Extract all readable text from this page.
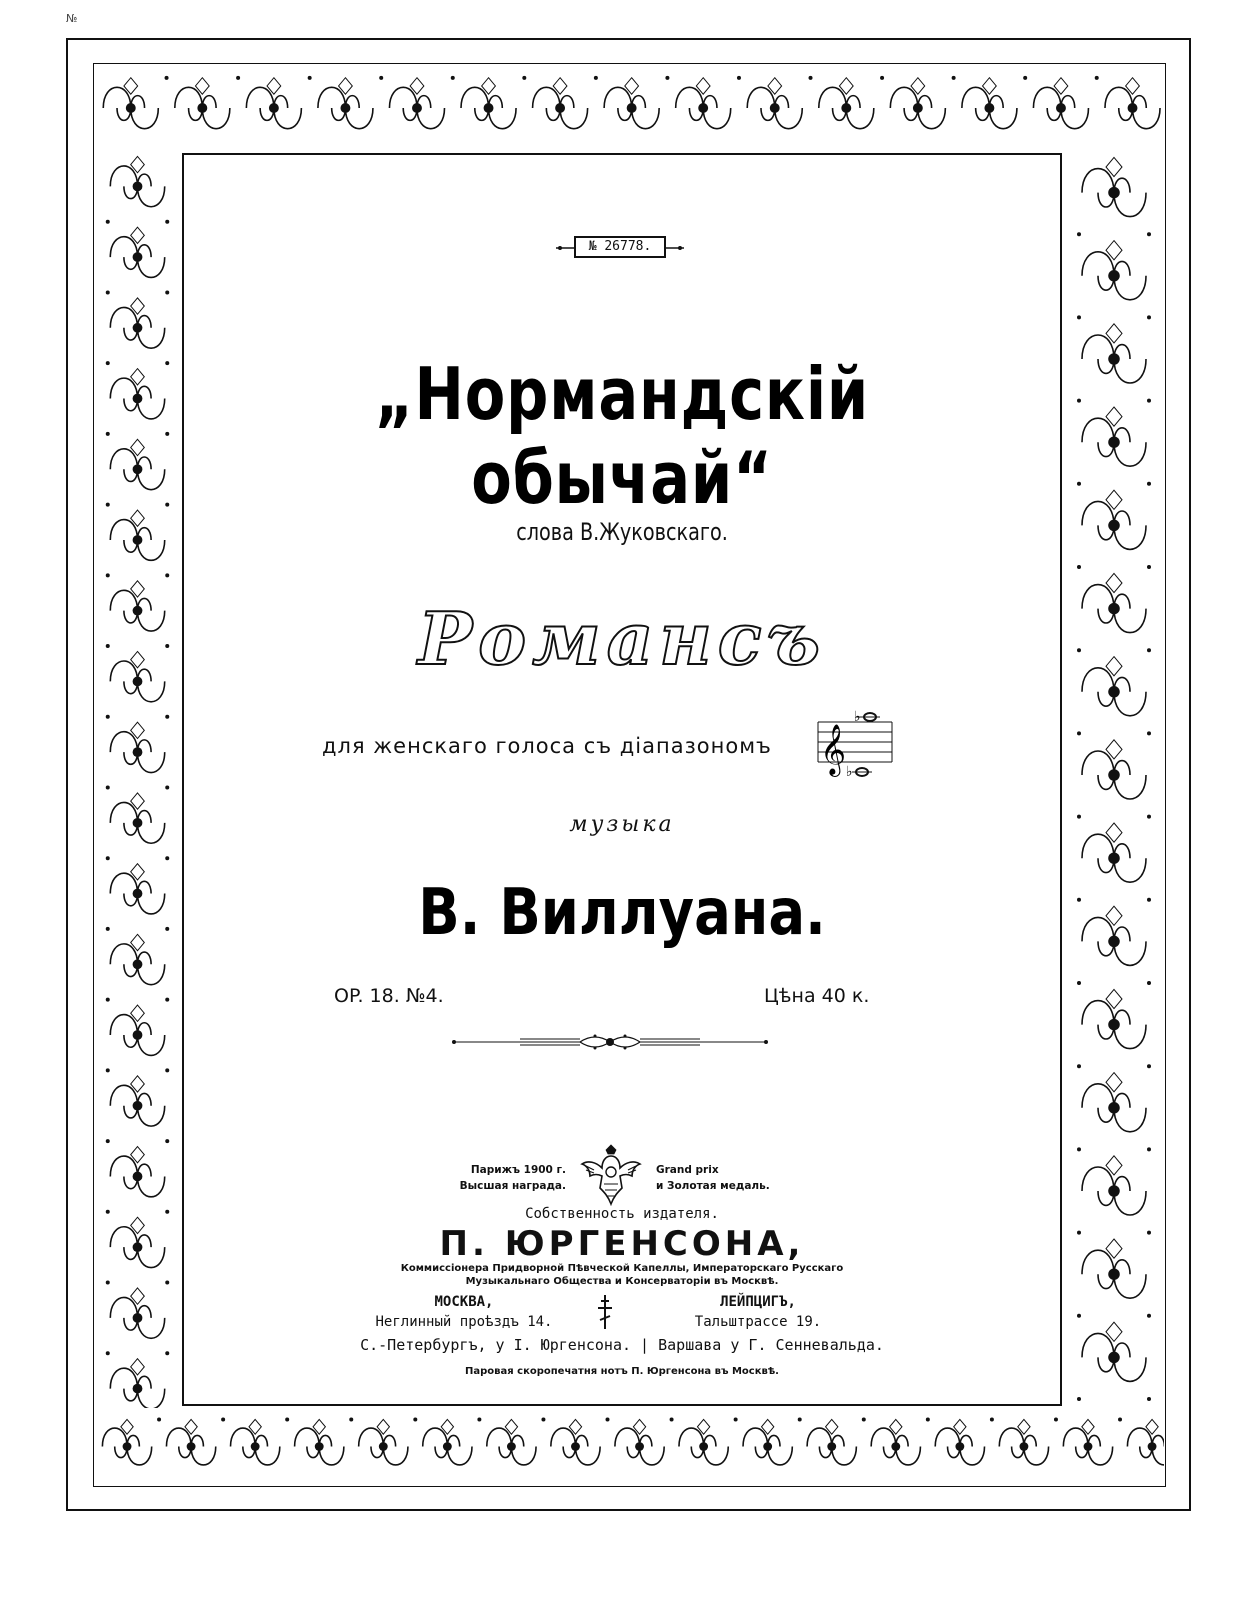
№
№ 26778.
„Нормандскій обычай“
слова В.Жуковскаго.
Романсъ
для женскаго голоса съ діапазономъ 𝄞
♭
♭
музыка
В. Виллуана.
OP. 18. №4.	Цѣна 40 к.
Парижъ 1900 г.
Высшая награда.
Grand prix
и Золотая медаль.
Собственность издателя.
П. ЮРГЕНСОНА,
Коммиссіонера Придворной Пѣвческой Капеллы, Императорскаго Русскаго
Музыкальнаго Общества и Консерваторіи въ Москвѣ.
МОСКВА,
Неглинный проѣздъ 14.
ЛЕЙПЦИГЪ,
Тальштрассе 19.
С.-Петербургъ, у І. Юргенсона. | Варшава у Г. Сенневальда.
Паровая скоропечатня нотъ П. Юргенсона въ Москвѣ.
